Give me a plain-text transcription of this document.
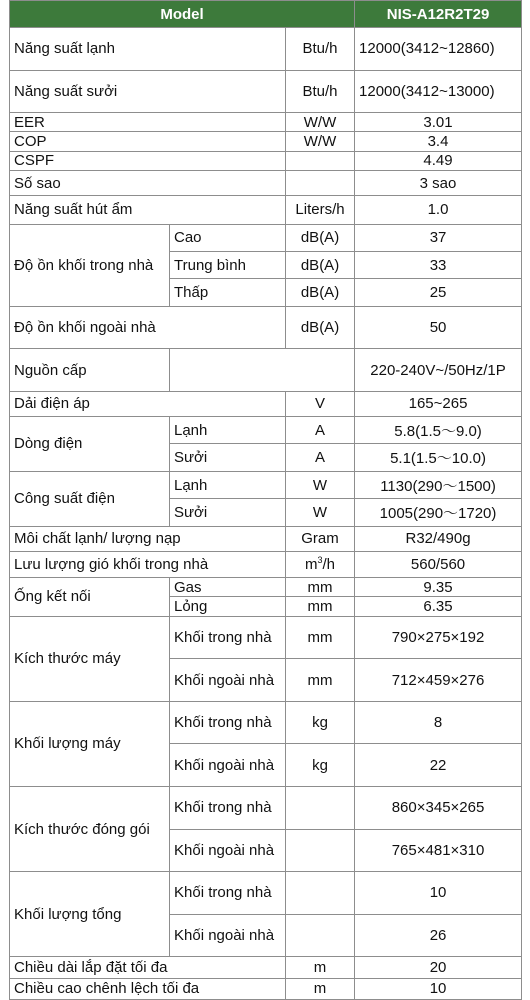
Model			NIS-A12R2T29
Năng suất lạnh		Btu/h	12000(3412~12860)
Năng suất sưởi		Btu/h	12000(3412~13000)
EER		W/W	3.01
COP		W/W	3.4
CSPF			4.49
Số sao			3 sao
Năng suất hút ẩm		Liters/h	1.0
Độ ồn khối trong nhà	Cao	dB(A)	37
	Trung bình	dB(A)	33
	Thấp	dB(A)	25
Độ ồn khối ngoài nhà		dB(A)	50
Nguồn cấp			220-240V~/50Hz/1P
Dải điện áp		V	165~265
Dòng điện	Lạnh	A	5.8(1.5～9.0)
	Sưởi	A	5.1(1.5～10.0)
Công suất điện	Lạnh	W	1130(290～1500)
	Sưởi	W	1005(290～1720)
Môi chất lạnh/ lượng nạp		Gram	R32/490g
Lưu lượng gió khối trong nhà		$m^3/h$	560/560
Ống kết nối	Gas	mm	9.35
	Lỏng	mm	6.35
Kích thước máy	Khối trong nhà	mm	790×275×192
	Khối ngoài nhà	mm	712×459×276
Khối lượng máy	Khối trong nhà	kg	8
	Khối ngoài nhà	kg	22
Kích thước đóng gói	Khối trong nhà		860×345×265
	Khối ngoài nhà		765×481×310
Khối lượng tổng	Khối trong nhà		10
	Khối ngoài nhà		26
Chiều dài lắp đặt tối đa		m	20
Chiều cao chênh lệch tối đa		m	10
